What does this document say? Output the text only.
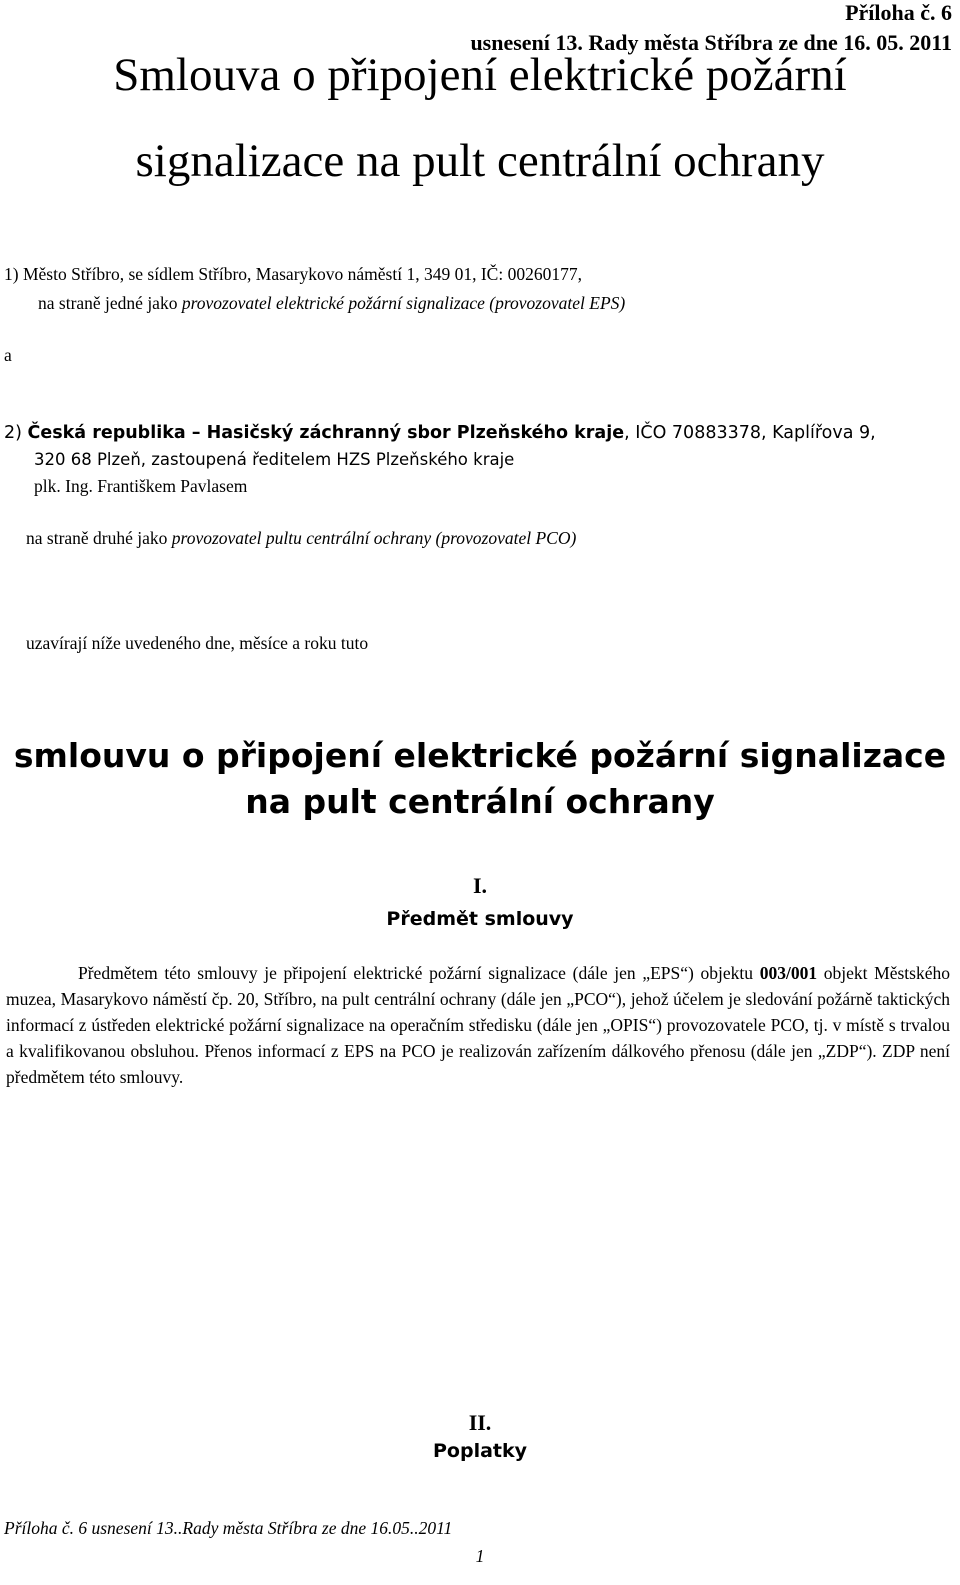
Příloha č. 6
usnesení 13. Rady města Stříbra ze dne 16. 05. 2011
Smlouva o připojení elektrické požární
signalizace na pult centrální ochrany
1) Město Stříbro, se sídlem Stříbro, Masarykovo náměstí 1, 349 01, IČ: 00260177,
na straně jedné jako provozovatel elektrické požární signalizace (provozovatel EPS)
a
2) Česká republika – Hasičský záchranný sbor Plzeňského kraje, IČO 70883378, Kaplířova 9,
320 68 Plzeň, zastoupená ředitelem HZS Plzeňského kraje
plk. Ing. Františkem Pavlasem
na straně druhé jako provozovatel pultu centrální ochrany (provozovatel PCO)
uzavírají níže uvedeného dne, měsíce a roku tuto
smlouvu o připojení elektrické požární signalizace
na pult centrální ochrany
I.
Předmět smlouvy

Předmětem této smlouvy je připojení elektrické požární signalizace (dále jen „EPS“) objektu 003/001 objekt Městského muzea, Masarykovo náměstí čp. 20, Stříbro, na pult centrální ochrany (dále jen „PCO“), jehož účelem je sledování požárně taktických informací z ústředen elektrické požární signalizace na operačním středisku (dále jen „OPIS“) provozovatele PCO, tj. v místě s trvalou a kvalifikovanou obsluhou. Přenos informací z EPS na PCO je realizován zařízením dálkového přenosu (dále jen „ZDP“). ZDP není předmětem této smlouvy.

II.
Poplatky
Příloha č. 6 usnesení 13..Rady města Stříbra ze dne 16.05..2011
1
